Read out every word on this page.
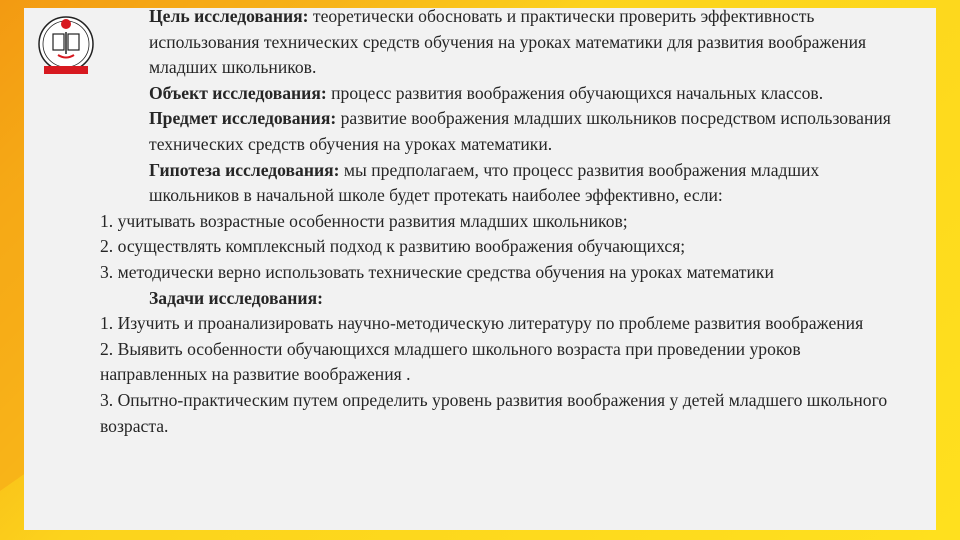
Цель исследования: теоретически обосновать и практически проверить эффективность использования технических средств обучения на уроках математики для развития воображения младших школьников.

Объект исследования: процесс развития воображения обучающихся начальных классов.

Предмет исследования: развитие воображения младших школьников посредством использования технических средств обучения на уроках математики.

Гипотеза исследования: мы предполагаем, что процесс развития воображения младших школьников в начальной школе будет протекать наиболее эффективно, если:

1. учитывать возрастные особенности развития младших школьников;

2. осуществлять комплексный подход к развитию воображения обучающихся;

3. методически верно использовать технические средства обучения на уроках математики

Задачи исследования:

1. Изучить и проанализировать научно-методическую литературу по проблеме развития воображения

2. Выявить особенности обучающихся младшего школьного возраста при проведении уроков направленных на развитие воображения .

3. Опытно-практическим путем определить уровень развития воображения у детей младшего школьного возраста.
